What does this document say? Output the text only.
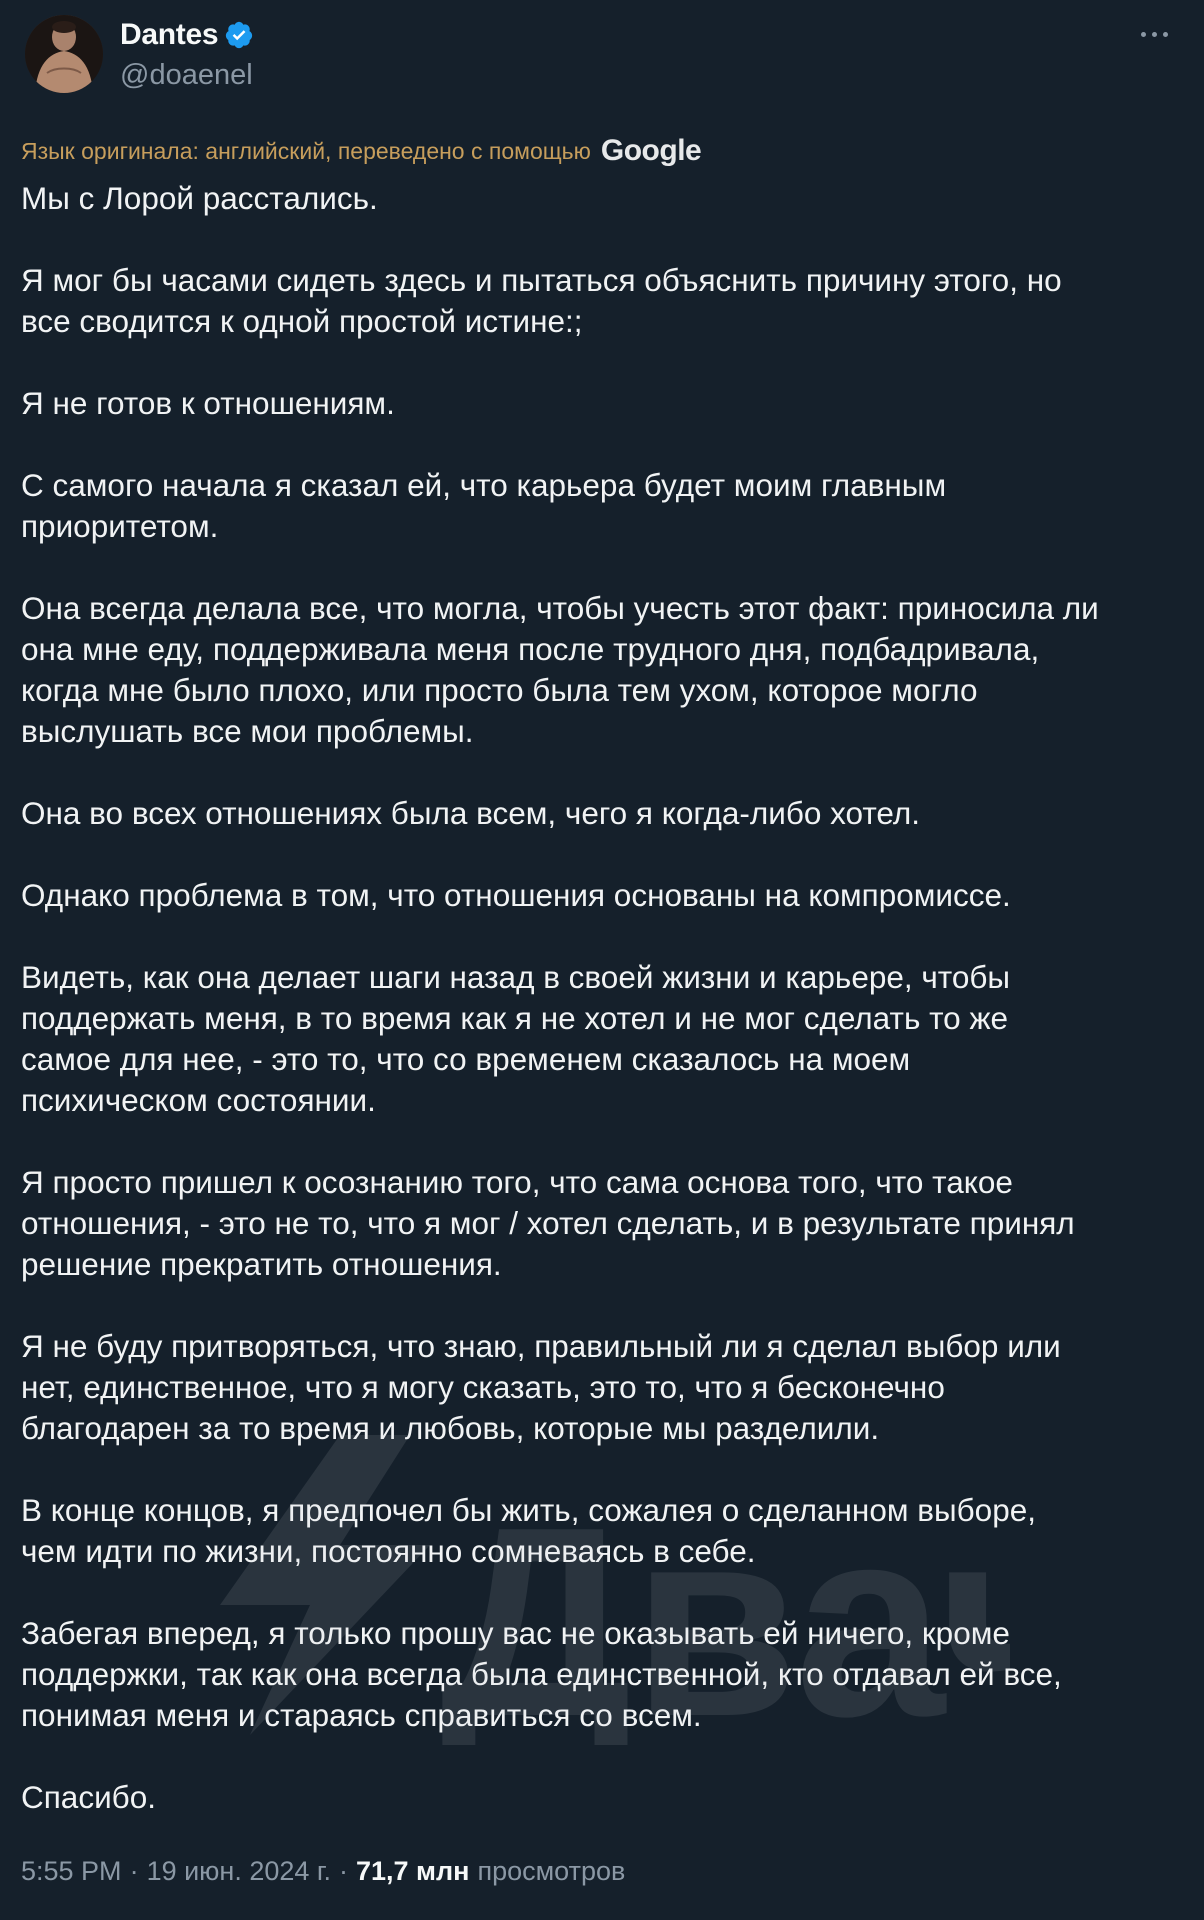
Dantes
@doaenel
Язык оригинала: английский, переведено с помощью Google

Мы с Лорой расстались.

Я мог бы часами сидеть здесь и пытаться объяснить причину этого, но
все сводится к одной простой истине:;

Я не готов к отношениям.

С самого начала я сказал ей, что карьера будет моим главным
приоритетом.

Она всегда делала все, что могла, чтобы учесть этот факт: приносила ли
она мне еду, поддерживала меня после трудного дня, подбадривала,
когда мне было плохо, или просто была тем ухом, которое могло
выслушать все мои проблемы.

Она во всех отношениях была всем, чего я когда-либо хотел.

Однако проблема в том, что отношения основаны на компромиссе.

Видеть, как она делает шаги назад в своей жизни и карьере, чтобы
поддержать меня, в то время как я не хотел и не мог сделать то же
самое для нее, - это то, что со временем сказалось на моем
психическом состоянии.

Я просто пришел к осознанию того, что сама основа того, что такое
отношения, - это не то, что я мог / хотел сделать, и в результате принял
решение прекратить отношения.

Я не буду притворяться, что знаю, правильный ли я сделал выбор или
нет, единственное, что я могу сказать, это то, что я бесконечно
благодарен за то время и любовь, которые мы разделили.

В конце концов, я предпочел бы жить, сожалея о сделанном выборе,
чем идти по жизни, постоянно сомневаясь в себе.

Забегая вперед, я только прошу вас не оказывать ей ничего, кроме
поддержки, так как она всегда была единственной, кто отдавал ей все,
понимая меня и стараясь справиться со всем.

Спасибо.

Два
5:55 PM · 19 июн. 2024 г. · 71,7 млн просмотров
